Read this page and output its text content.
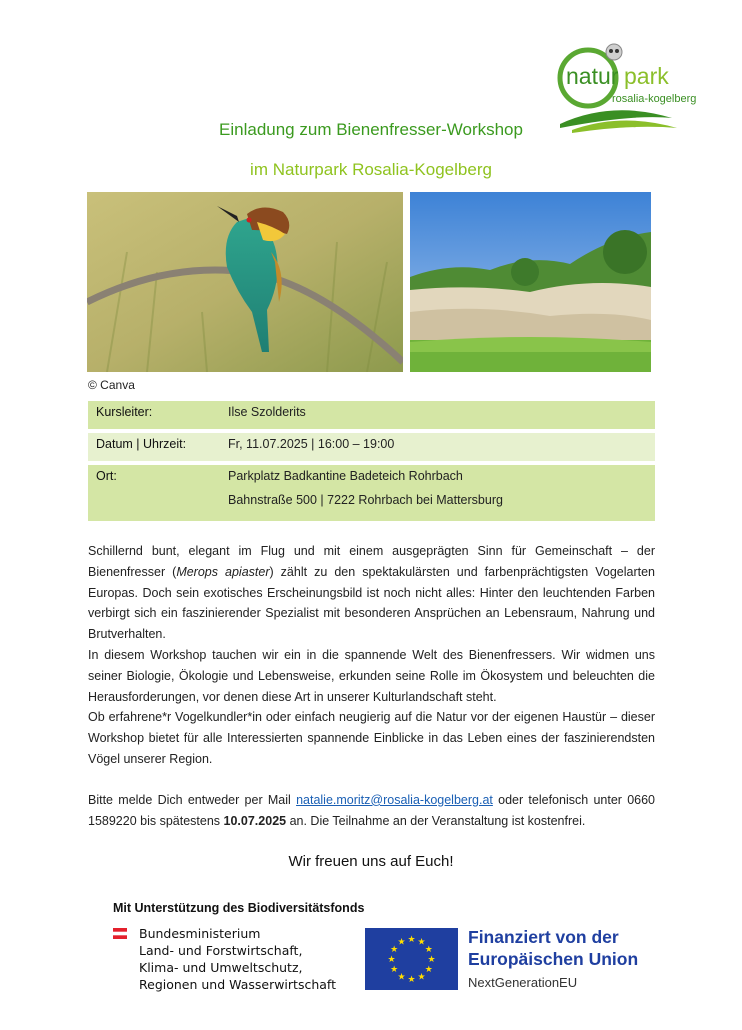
natur park
rosalia-kogelberg
Einladung zum Bienenfresser-Workshop
im Naturpark Rosalia-Kogelberg
© Canva
Kursleiter:	Ilse Szolderits
Datum | Uhrzeit:	Fr, 11.07.2025 | 16:00 – 19:00
Ort:	Parkplatz Badkantine Badeteich Rohrbach
Bahnstraße 500 | 7222 Rohrbach bei Mattersburg

Schillernd bunt, elegant im Flug und mit einem ausgeprägten Sinn für Gemeinschaft – der Bienenfresser (Merops apiaster) zählt zu den spektakulärsten und farbenprächtigsten Vogelarten Europas. Doch sein exotisches Erscheinungsbild ist noch nicht alles: Hinter den leuchtenden Farben verbirgt sich ein faszinierender Spezialist mit besonderen Ansprüchen an Lebensraum, Nahrung und Brutverhalten.

In diesem Workshop tauchen wir ein in die spannende Welt des Bienenfressers. Wir widmen uns seiner Biologie, Ökologie und Lebensweise, erkunden seine Rolle im Ökosystem und beleuchten die Herausforderungen, vor denen diese Art in unserer Kulturlandschaft steht.

Ob erfahrene*r Vogelkundler*in oder einfach neugierig auf die Natur vor der eigenen Haustür – dieser Workshop bietet für alle Interessierten spannende Einblicke in das Leben eines der faszinierendsten Vögel unserer Region.

Bitte melde Dich entweder per Mail natalie.moritz@rosalia-kogelberg.at oder telefonisch unter 0660 1589220 bis spätestens 10.07.2025 an. Die Teilnahme an der Veranstaltung ist kostenfrei.

Wir freuen uns auf Euch!
Mit Unterstützung des Biodiversitätsfonds
Bundesministerium
Land- und Forstwirtschaft,
Klima- und Umweltschutz,
Regionen und Wasserwirtschaft
★ ★
★
★
★
★
★
★
★
★
★
★	Finanziert von der
Europäischen Union
NextGenerationEU
